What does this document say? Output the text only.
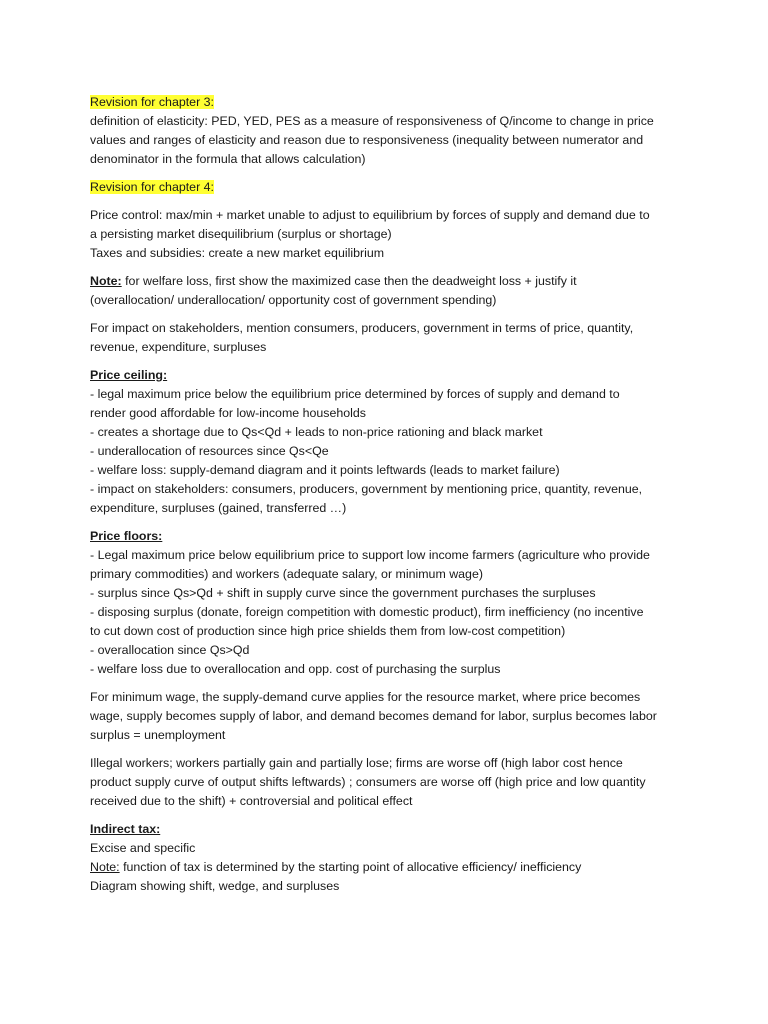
Revision for chapter 3:

definition of elasticity: PED, YED, PES as a measure of responsiveness of Q/income to change in price

values and ranges of elasticity and reason due to responsiveness (inequality between numerator and

denominator in the formula that allows calculation)

Revision for chapter 4:

Price control: max/min + market unable to adjust to equilibrium by forces of supply and demand due to

a persisting market disequilibrium (surplus or shortage)

Taxes and subsidies: create a new market equilibrium

Note: for welfare loss, first show the maximized case then the deadweight loss + justify it

(overallocation/ underallocation/ opportunity cost of government spending)

For impact on stakeholders, mention consumers, producers, government in terms of price, quantity,

revenue, expenditure, surpluses

Price ceiling:

- legal maximum price below the equilibrium price determined by forces of supply and demand to

render good affordable for low-income households

- creates a shortage due to Qs<Qd + leads to non-price rationing and black market

- underallocation of resources since Qs<Qe

- welfare loss: supply-demand diagram and it points leftwards (leads to market failure)

- impact on stakeholders: consumers, producers, government by mentioning price, quantity, revenue,

expenditure, surpluses (gained, transferred …)

Price floors:

- Legal maximum price below equilibrium price to support low income farmers (agriculture who provide

primary commodities) and workers (adequate salary, or minimum wage)

- surplus since Qs>Qd + shift in supply curve since the government purchases the surpluses

- disposing surplus (donate, foreign competition with domestic product), firm inefficiency (no incentive

to cut down cost of production since high price shields them from low-cost competition)

- overallocation since Qs>Qd

- welfare loss due to overallocation and opp. cost of purchasing the surplus

For minimum wage, the supply-demand curve applies for the resource market, where price becomes

wage, supply becomes supply of labor, and demand becomes demand for labor, surplus becomes labor

surplus = unemployment

Illegal workers; workers partially gain and partially lose; firms are worse off (high labor cost hence

product supply curve of output shifts leftwards) ; consumers are worse off (high price and low quantity

received due to the shift) + controversial and political effect

Indirect tax:

Excise and specific

Note: function of tax is determined by the starting point of allocative efficiency/ inefficiency

Diagram showing shift, wedge, and surpluses
